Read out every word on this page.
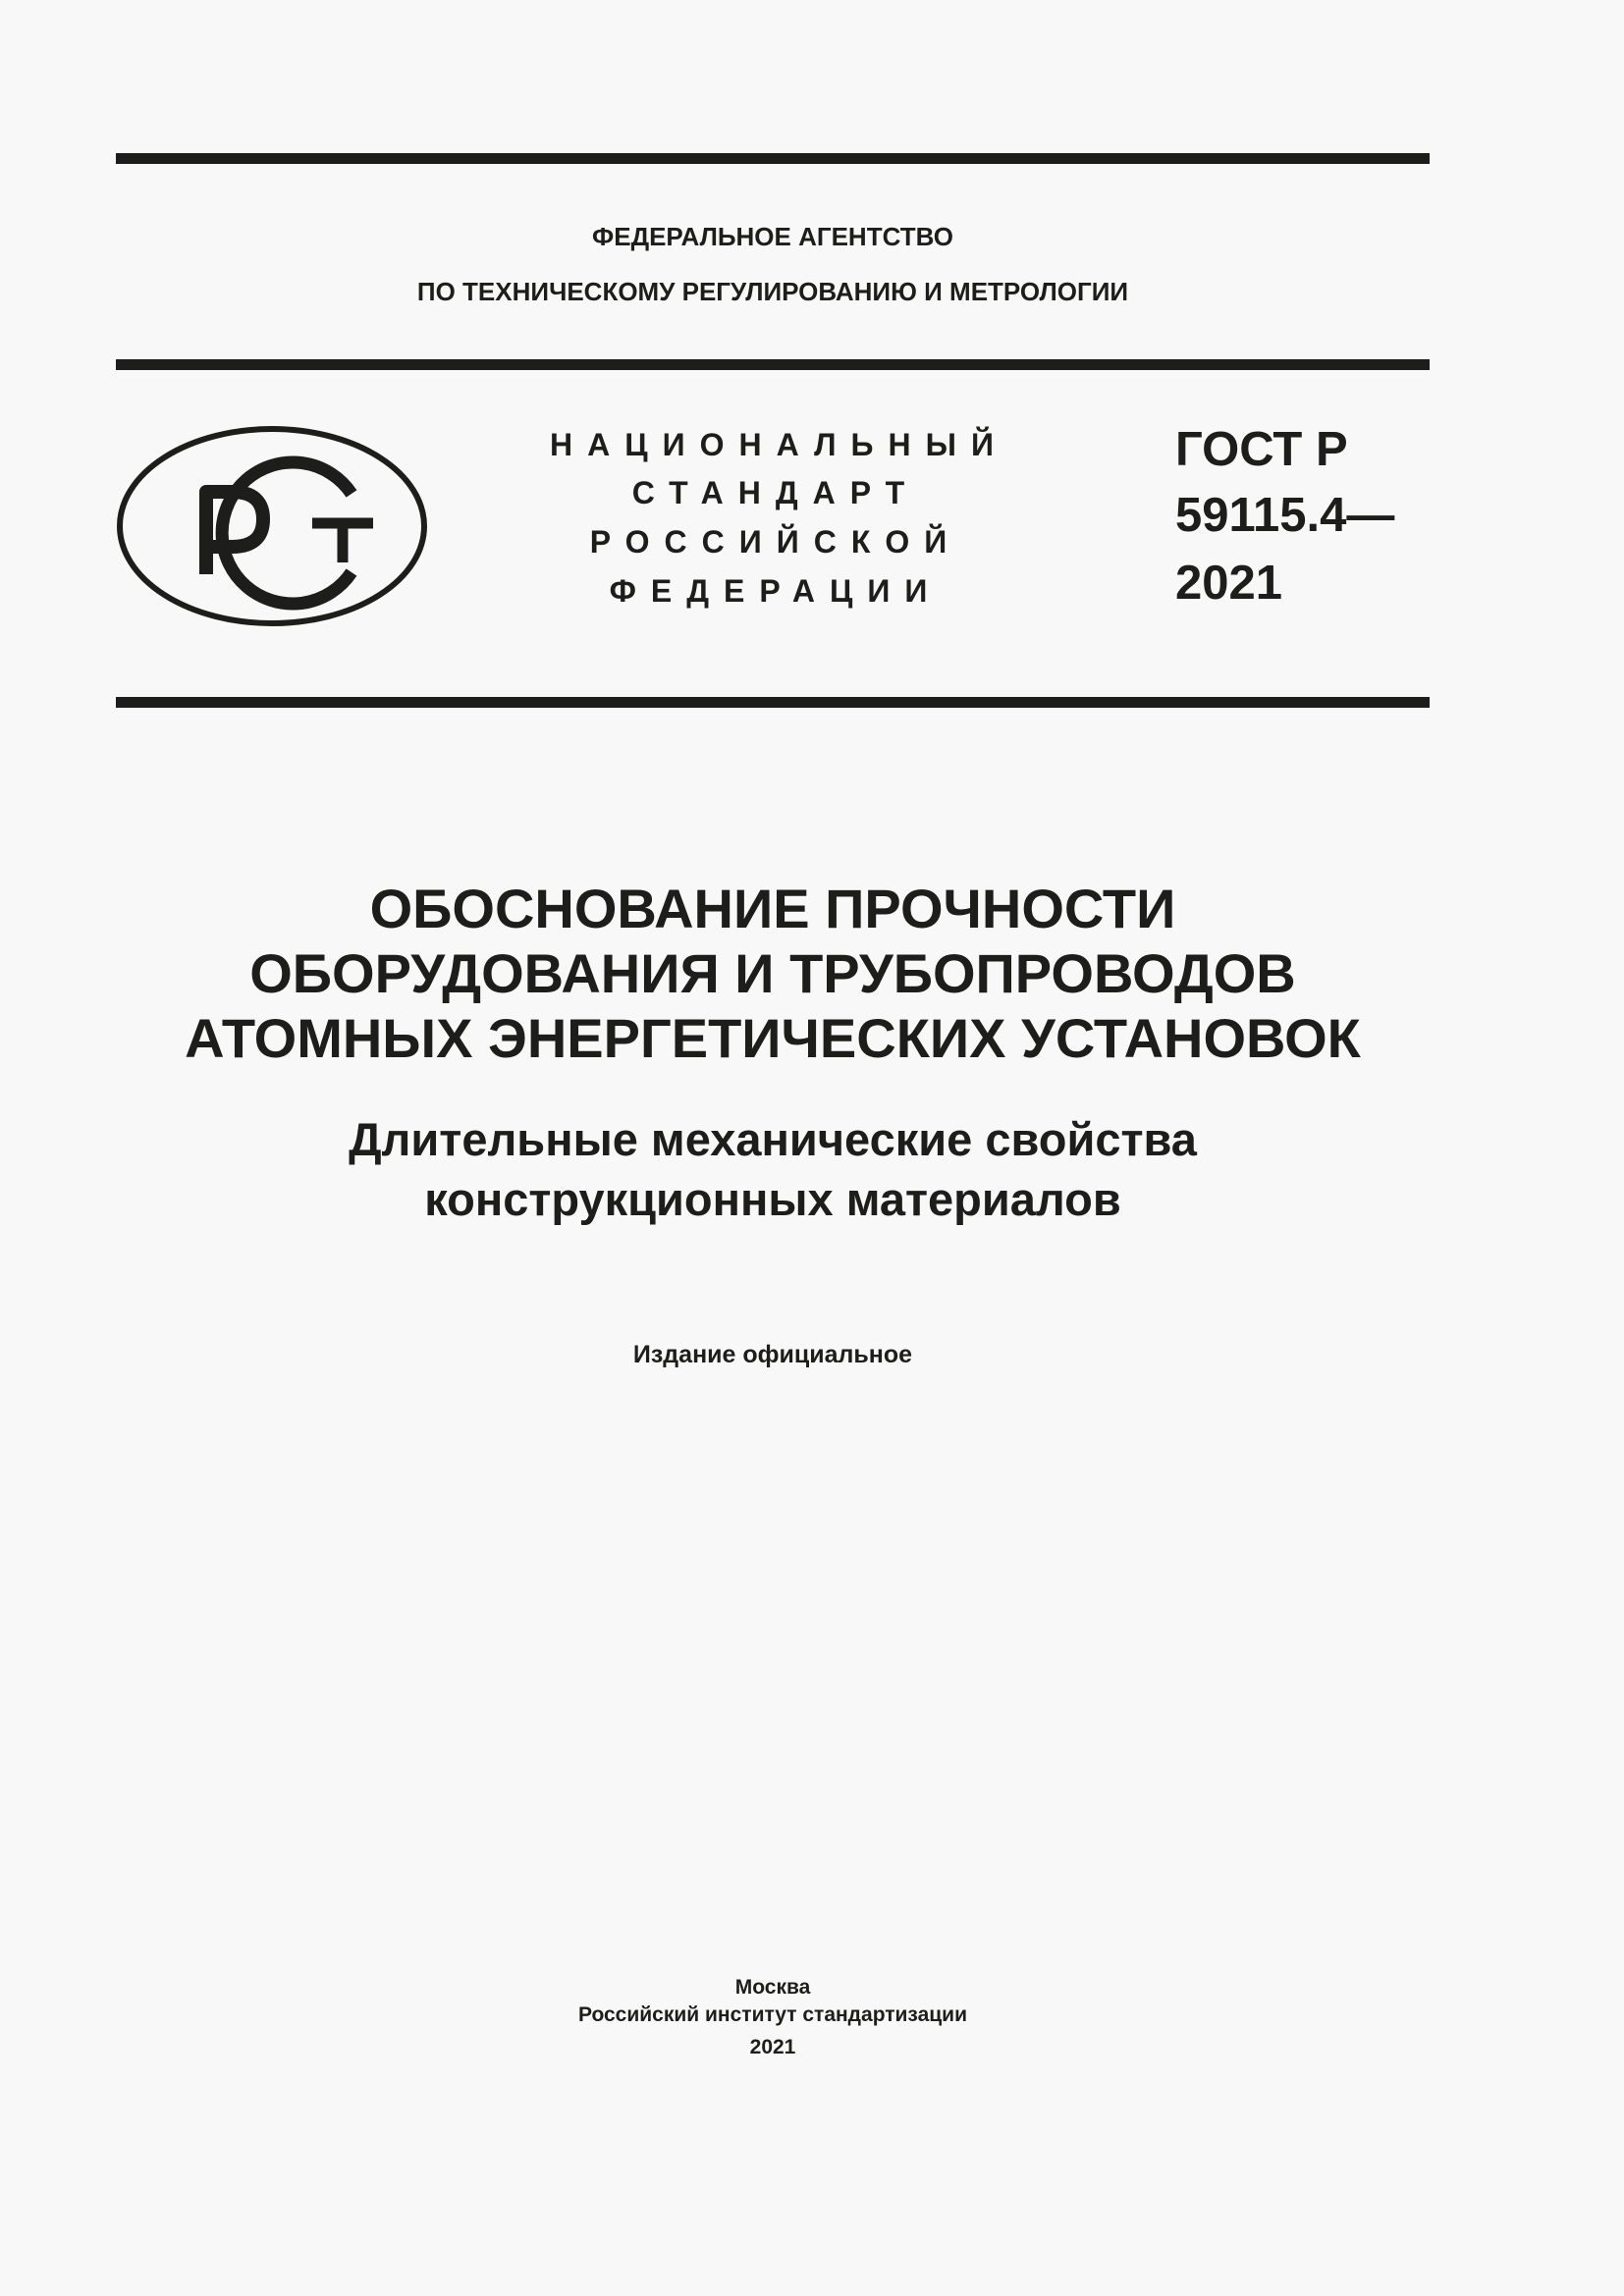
ФЕДЕРАЛЬНОЕ АГЕНТСТВО
ПО ТЕХНИЧЕСКОМУ РЕГУЛИРОВАНИЮ И МЕТРОЛОГИИ
НАЦИОНАЛЬНЫЙ
СТАНДАРТ
РОССИЙСКОЙ
ФЕДЕРАЦИИ
ГОСТ Р
59115.4—
2021
ОБОСНОВАНИЕ ПРОЧНОСТИ
ОБОРУДОВАНИЯ И ТРУБОПРОВОДОВ
АТОМНЫХ ЭНЕРГЕТИЧЕСКИХ УСТАНОВОК
Длительные механические свойства
конструкционных материалов
Издание официальное
Москва
Российский институт стандартизации
2021
